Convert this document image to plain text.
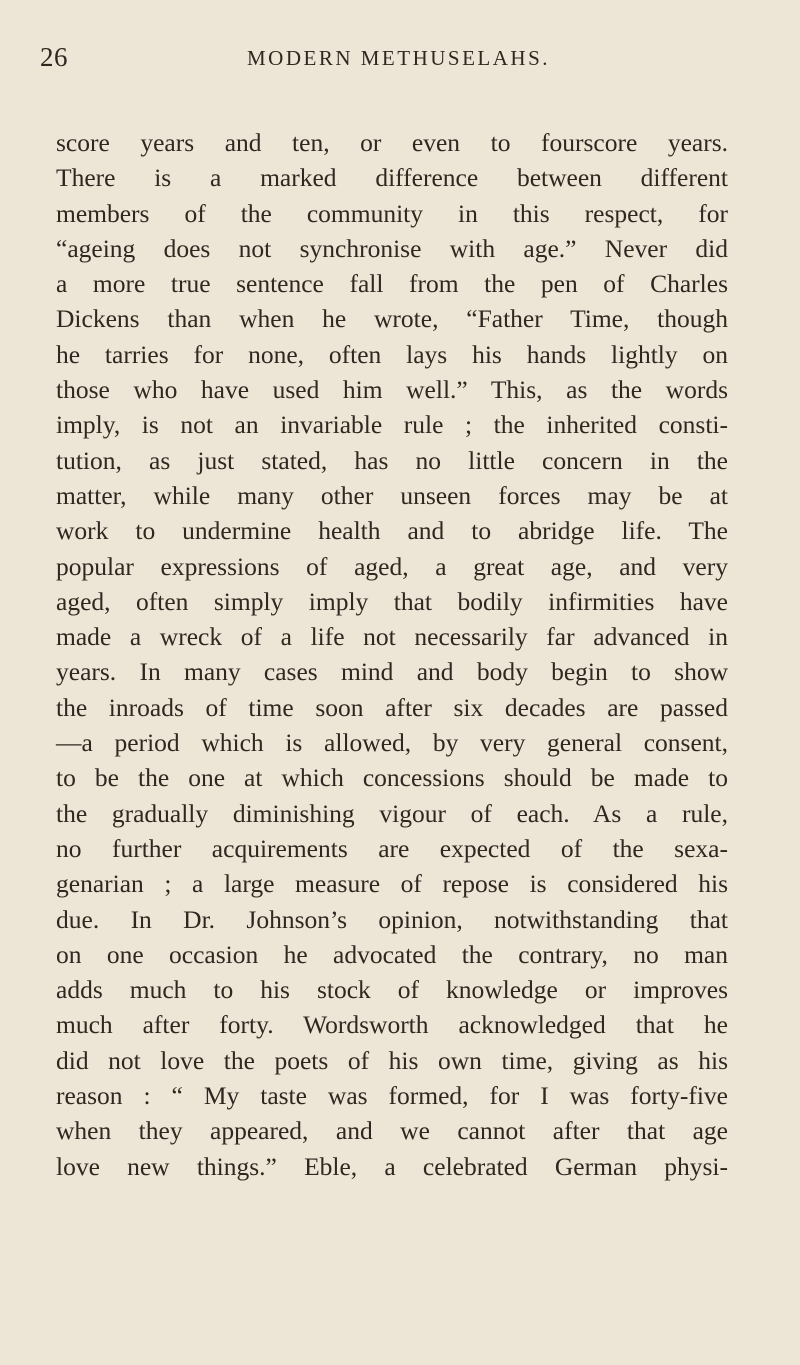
26	MODERN METHUSELAHS.
score years and ten, or even to fourscore years.
There is a marked difference between different
members of the community in this respect, for
“ageing does not synchronise with age.” Never did
a more true sentence fall from the pen of Charles
Dickens than when he wrote, “Father Time, though
he tarries for none, often lays his hands lightly on
those who have used him well.” This, as the words
imply, is not an invariable rule ; the inherited consti-
tution, as just stated, has no little concern in the
matter, while many other unseen forces may be at
work to undermine health and to abridge life. The
popular expressions of aged, a great age, and very
aged, often simply imply that bodily infirmities have
made a wreck of a life not necessarily far advanced in
years. In many cases mind and body begin to show
the inroads of time soon after six decades are passed
—a period which is allowed, by very general consent,
to be the one at which concessions should be made to
the gradually diminishing vigour of each. As a rule,
no further acquirements are expected of the sexa-
genarian ; a large measure of repose is considered his
due. In Dr. Johnson’s opinion, notwithstanding that
on one occasion he advocated the contrary, no man
adds much to his stock of knowledge or improves
much after forty. Wordsworth acknowledged that he
did not love the poets of his own time, giving as his
reason : “ My taste was formed, for I was forty-five
when they appeared, and we cannot after that age
love new things.” Eble, a celebrated German physi-
